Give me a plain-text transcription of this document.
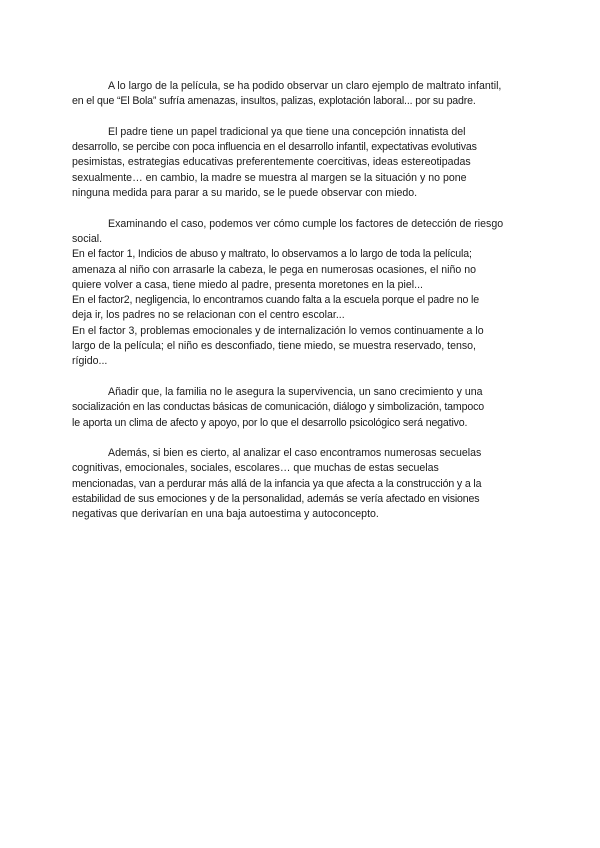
A lo largo de la película, se ha podido observar un claro ejemplo de maltrato infantil,
en el que “El Bola” sufría amenazas, insultos, palizas, explotación laboral... por su padre.
El padre tiene un papel tradicional ya que tiene una concepción innatista del
desarrollo, se percibe con poca influencia en el desarrollo infantil, expectativas evolutivas
pesimistas, estrategias educativas preferentemente coercitivas, ideas estereotipadas
sexualmente… en cambio, la madre se muestra al margen se la situación y no pone
ninguna medida para parar a su marido, se le puede observar con miedo.
Examinando el caso, podemos ver cómo cumple los factores de detección de riesgo
social.
En el factor 1, Indicios de abuso y maltrato, lo observamos a lo largo de toda la película;
amenaza al niño con arrasarle la cabeza, le pega en numerosas ocasiones, el niño no
quiere volver a casa, tiene miedo al padre, presenta moretones en la piel...
En el factor2, negligencia, lo encontramos cuando falta a la escuela porque el padre no le
deja ir, los padres no se relacionan con el centro escolar...
En el factor 3, problemas emocionales y de internalización lo vemos continuamente a lo
largo de la película; el niño es desconfiado, tiene miedo, se muestra reservado, tenso,
rígido...
Añadir que, la familia no le asegura la supervivencia, un sano crecimiento y una
socialización en las conductas básicas de comunicación, diálogo y simbolización, tampoco
le aporta un clima de afecto y apoyo, por lo que el desarrollo psicológico será negativo.
Además, si bien es cierto, al analizar el caso encontramos numerosas secuelas
cognitivas, emocionales, sociales, escolares… que muchas de estas secuelas
mencionadas, van a perdurar más allá de la infancia ya que afecta a la construcción y a la
estabilidad de sus emociones y de la personalidad, además se vería afectado en visiones
negativas que derivarían en una baja autoestima y autoconcepto.
